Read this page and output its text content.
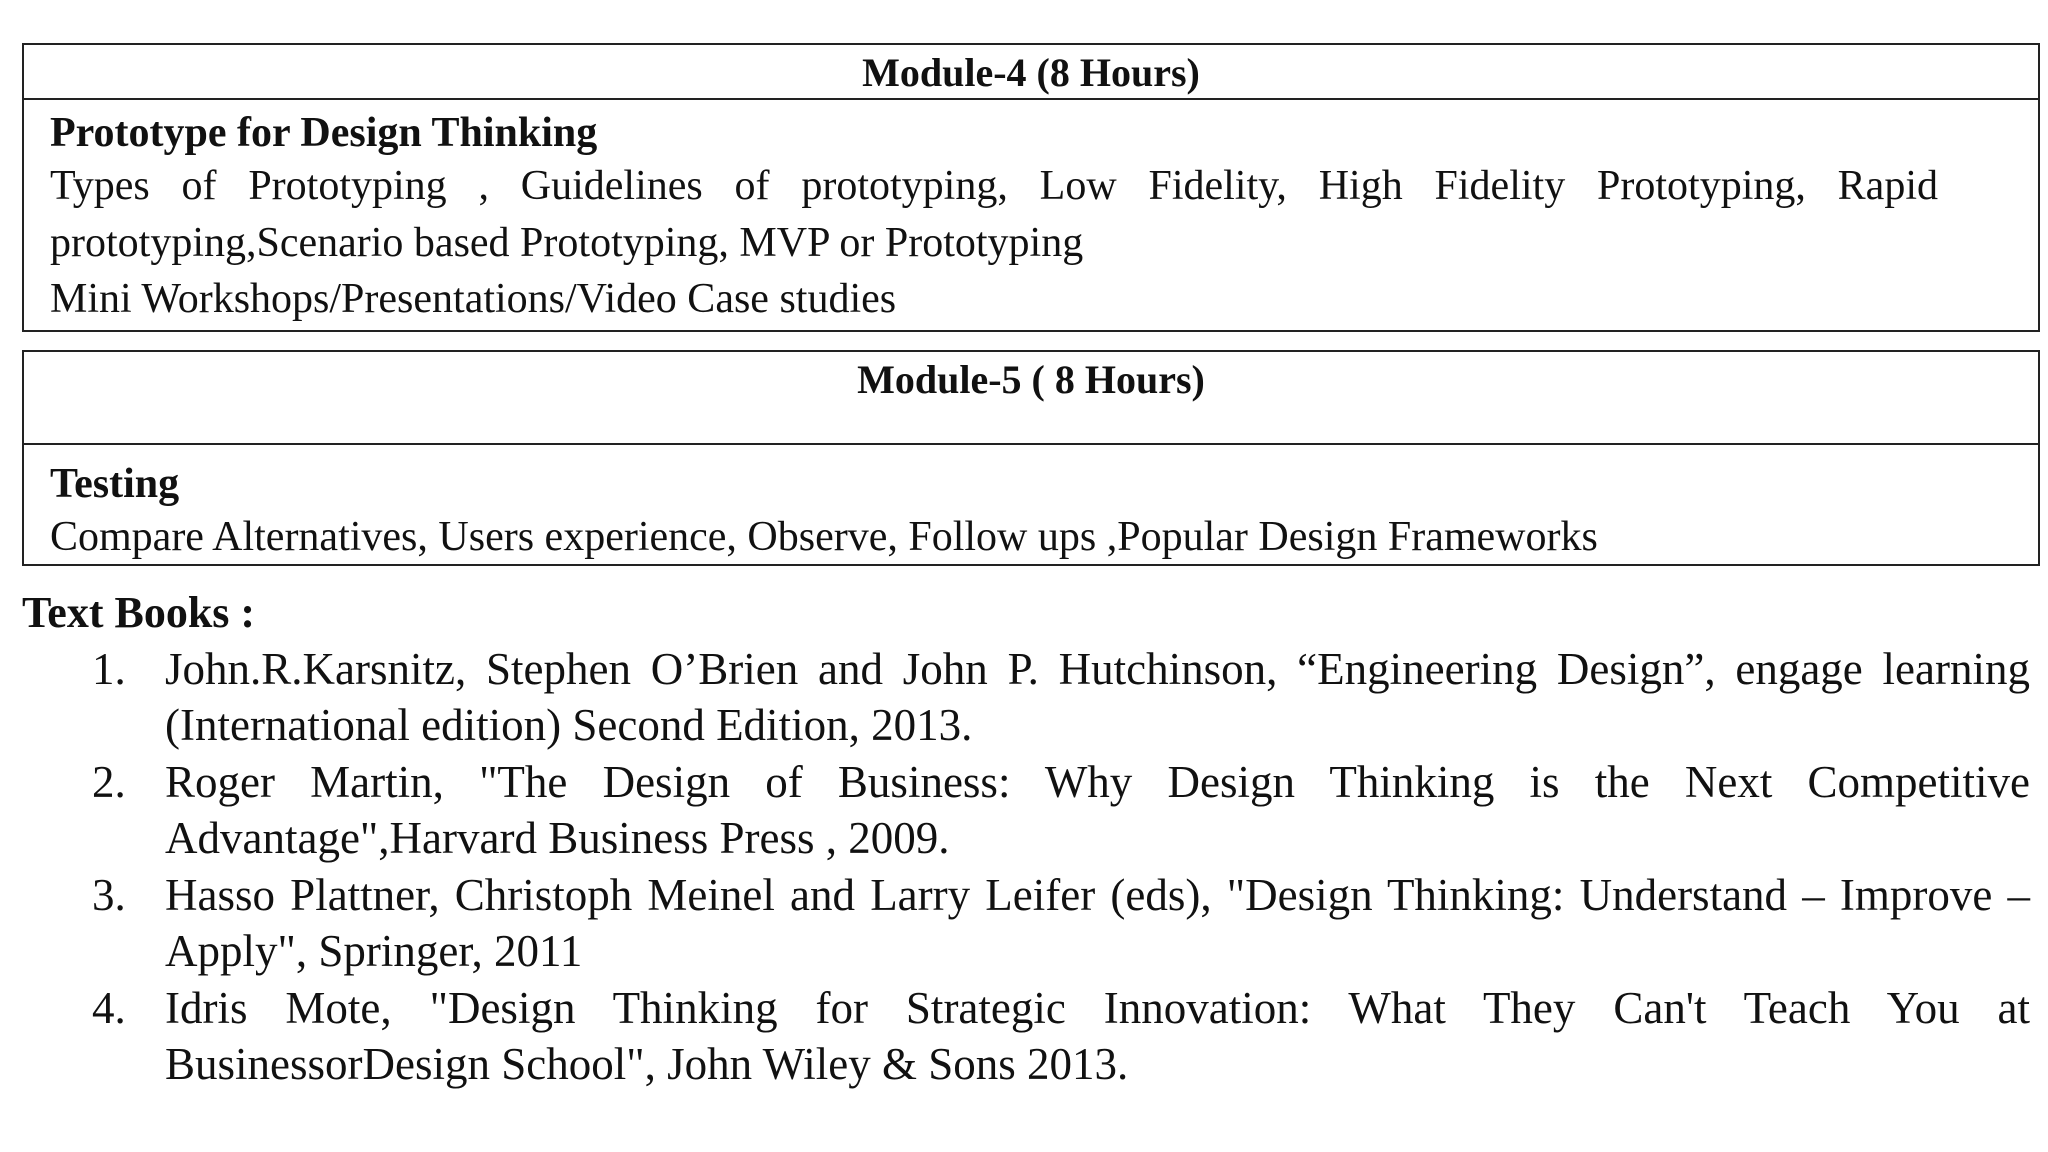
Module-4 (8 Hours)
Prototype for Design Thinking
Types of Prototyping , Guidelines of prototyping, Low Fidelity, High Fidelity Prototyping, Rapid prototyping,Scenario based Prototyping, MVP or Prototyping
Mini Workshops/Presentations/Video Case studies
Module-5 ( 8 Hours)
Testing
Compare Alternatives, Users experience, Observe, Follow ups ,Popular Design Frameworks
Text Books :
1. John.R.Karsnitz, Stephen O’Brien and John P. Hutchinson, “Engineering Design”, engage learning (International edition) Second Edition, 2013.
2. Roger Martin, "The Design of Business: Why Design Thinking is the Next Competitive Advantage",Harvard Business Press , 2009.
3. Hasso Plattner, Christoph Meinel and Larry Leifer (eds), "Design Thinking: Understand – Improve – Apply", Springer, 2011
4. Idris Mote, "Design Thinking for Strategic Innovation: What They Can't Teach You at BusinessorDesign School", John Wiley & Sons 2013.
